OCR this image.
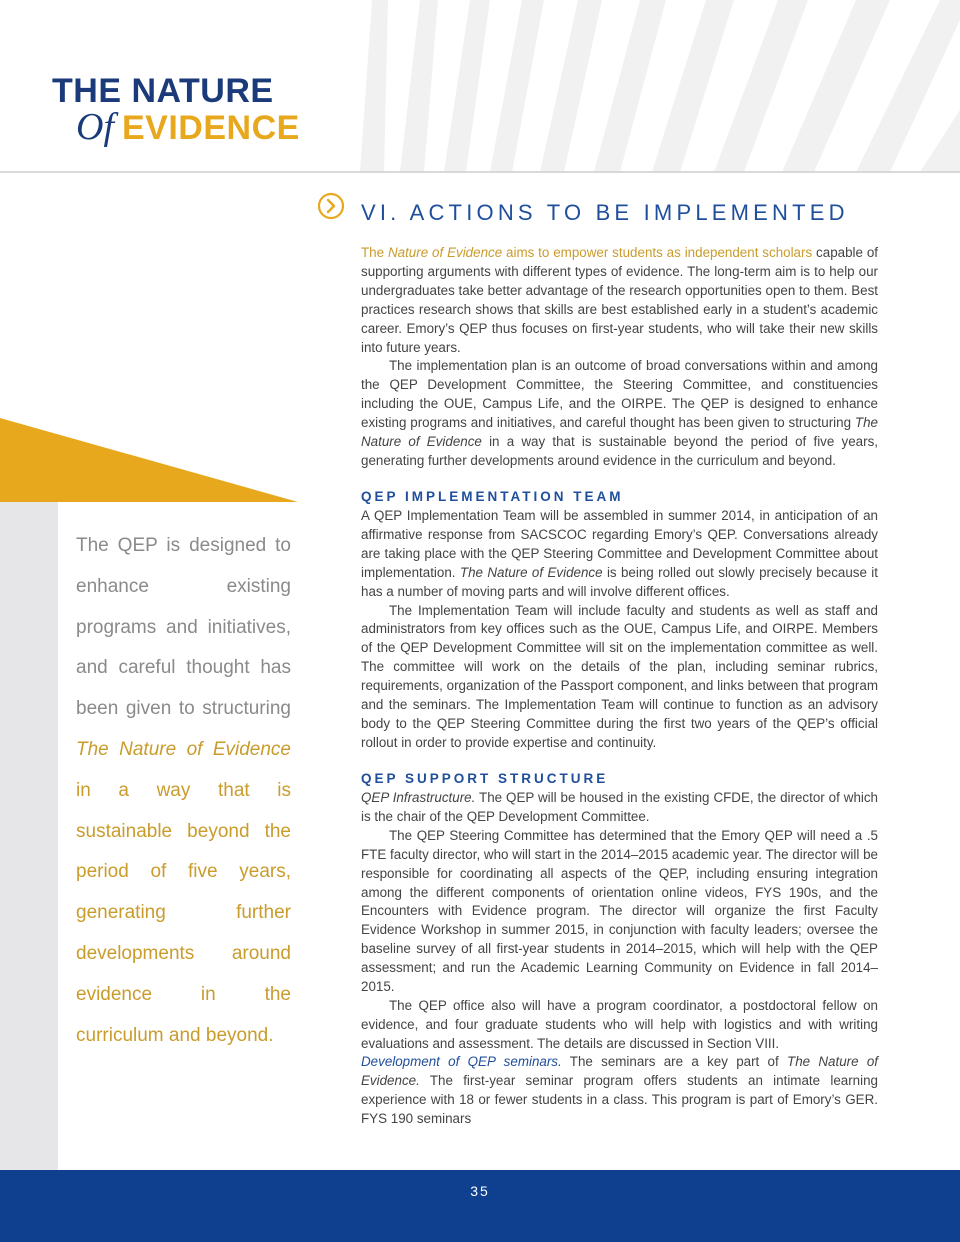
THE NATURE
Of EVIDENCE
The QEP is designed to enhance existing programs and initiatives, and careful thought has been given to structuring The Nature of Evidence in a way that is sustainable beyond the period of five years, generating further developments around evidence in the curriculum and beyond.
VI. ACTIONS TO BE IMPLEMENTED

The Nature of Evidence aims to empower students as independent scholars capable of supporting arguments with different types of evidence. The long-term aim is to help our undergraduates take better advantage of the research opportunities open to them. Best practices research shows that skills are best established early in a student’s academic career. Emory’s QEP thus focuses on first-year students, who will take their new skills into future years.

The implementation plan is an outcome of broad conversations within and among the QEP Development Committee, the Steering Committee, and constituencies including the OUE, Campus Life, and the OIRPE. The QEP is designed to enhance existing programs and initiatives, and careful thought has been given to structuring The Nature of Evidence in a way that is sustainable beyond the period of five years, generating further developments around evidence in the curriculum and beyond.

QEP IMPLEMENTATION TEAM

A QEP Implementation Team will be assembled in summer 2014, in anticipation of an affirmative response from SACSCOC regarding Emory’s QEP. Conversations already are taking place with the QEP Steering Committee and Development Committee about implementation. The Nature of Evidence is being rolled out slowly precisely because it has a number of moving parts and will involve different offices.

The Implementation Team will include faculty and students as well as staff and administrators from key offices such as the OUE, Campus Life, and OIRPE. Members of the QEP Development Committee will sit on the implementation committee as well. The committee will work on the details of the plan, including seminar rubrics, requirements, organization of the Passport component, and links between that program and the seminars. The Implementation Team will continue to function as an advisory body to the QEP Steering Committee during the first two years of the QEP’s official rollout in order to provide expertise and continuity.

QEP SUPPORT STRUCTURE

QEP Infrastructure. The QEP will be housed in the existing CFDE, the director of which is the chair of the QEP Development Committee.

The QEP Steering Committee has determined that the Emory QEP will need a .5 FTE faculty director, who will start in the 2014–2015 academic year. The director will be responsible for coordinating all aspects of the QEP, including ensuring integration among the different components of orientation online videos, FYS 190s, and the Encounters with Evidence program. The director will organize the first Faculty Evidence Workshop in summer 2015, in conjunction with faculty leaders; oversee the baseline survey of all first-year students in 2014–2015, which will help with the QEP assessment; and run the Academic Learning Community on Evidence in fall 2014–2015.

The QEP office also will have a program coordinator, a postdoctoral fellow on evidence, and four graduate students who will help with logistics and with writing evaluations and assessment. The details are discussed in Section VIII.

Development of QEP seminars. The seminars are a key part of The Nature of Evidence. The first-year seminar program offers students an intimate learning experience with 18 or fewer students in a class. This program is part of Emory’s GER. FYS 190 seminars

35
